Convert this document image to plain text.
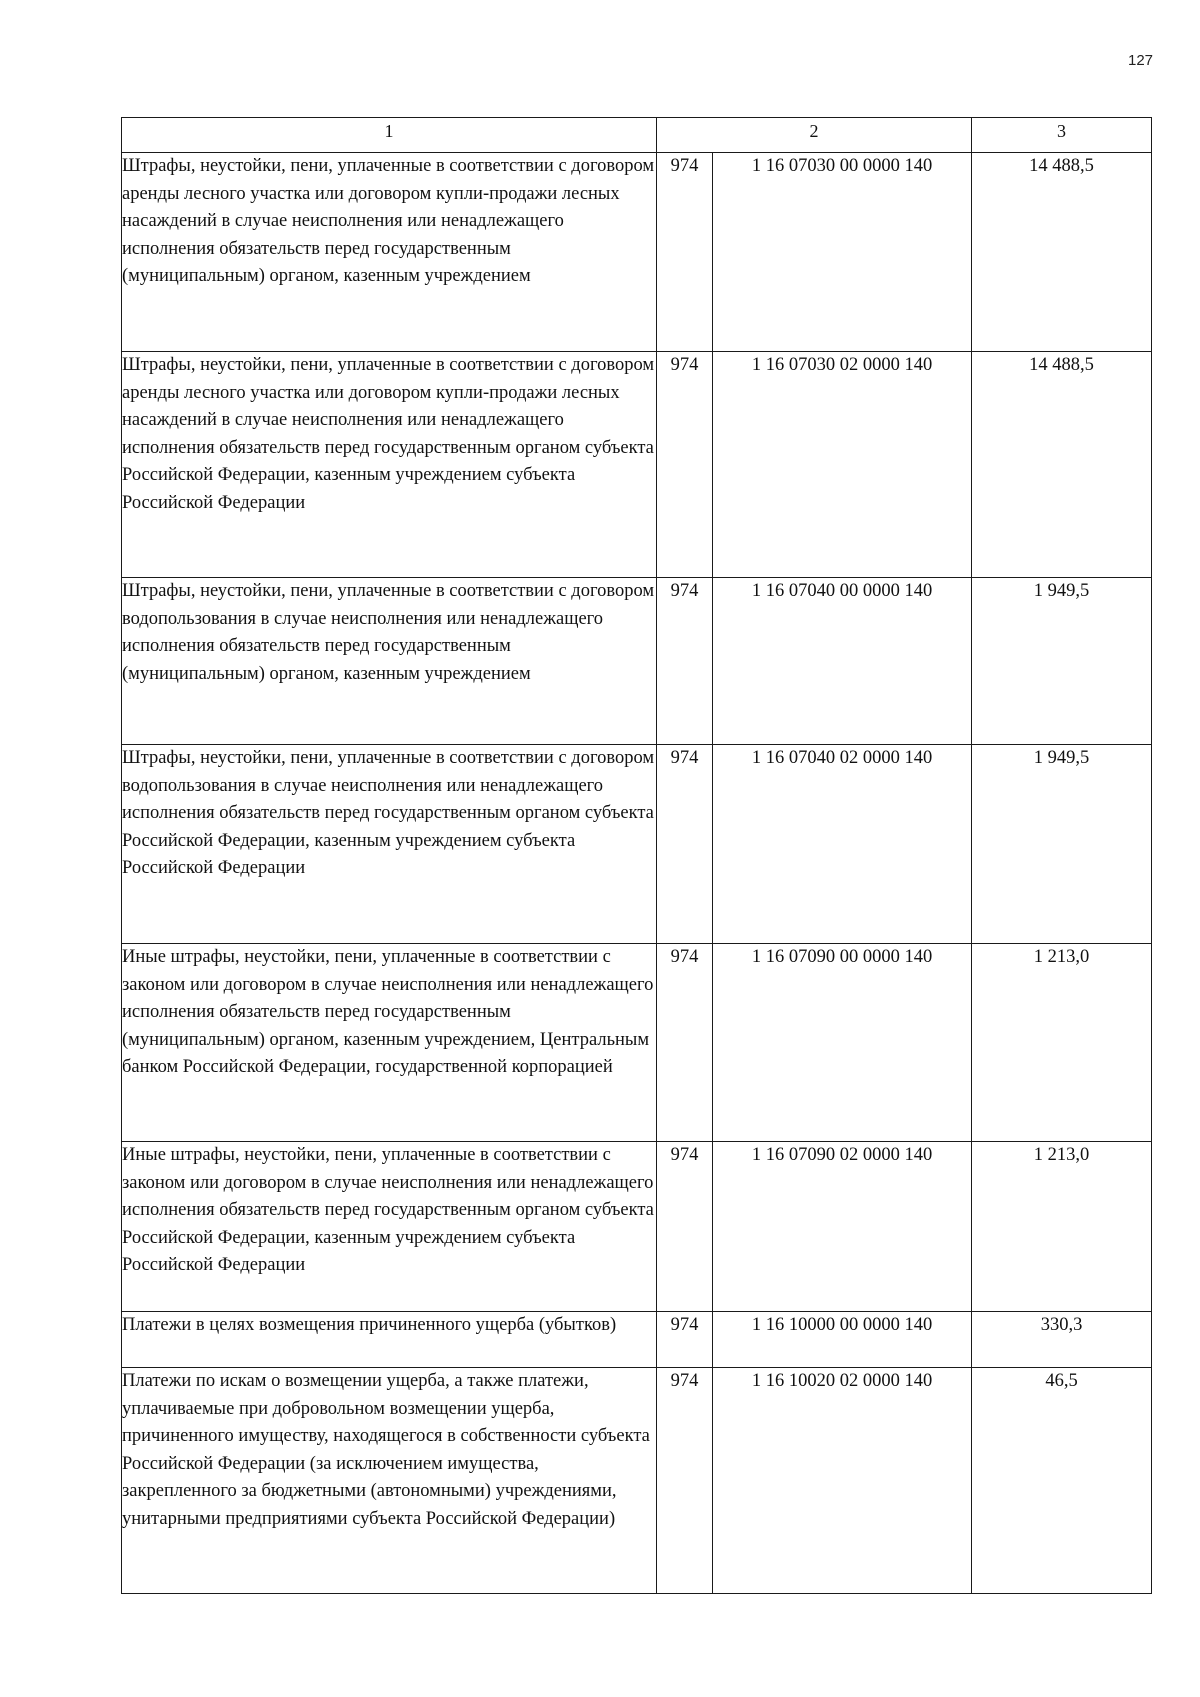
127
1	2		3
Штрафы, неустойки, пени, уплаченные в соответствии с договором аренды лесного участка или договором купли-продажи лесных насаждений в случае неисполнения или ненадлежащего исполнения обязательств перед государственным (муниципальным) органом, казенным учреждением	974	1 16 07030 00 0000 140	14 488,5
Штрафы, неустойки, пени, уплаченные в соответствии с договором аренды лесного участка или договором купли-продажи лесных насаждений в случае неисполнения или ненадлежащего исполнения обязательств перед государственным органом субъекта Российской Федерации, казенным учреждением субъекта Российской Федерации	974	1 16 07030 02 0000 140	14 488,5
Штрафы, неустойки, пени, уплаченные в соответствии с договором водопользования в случае неисполнения или ненадлежащего исполнения обязательств перед государственным (муниципальным) органом, казенным учреждением	974	1 16 07040 00 0000 140	1 949,5
Штрафы, неустойки, пени, уплаченные в соответствии с договором водопользования в случае неисполнения или ненадлежащего исполнения обязательств перед государственным органом субъекта Российской Федерации, казенным учреждением субъекта Российской Федерации	974	1 16 07040 02 0000 140	1 949,5
Иные штрафы, неустойки, пени, уплаченные в соответствии с законом или договором в случае неисполнения или ненадлежащего исполнения обязательств перед государственным (муниципальным) органом, казенным учреждением, Центральным банком Российской Федерации, государственной корпорацией	974	1 16 07090 00 0000 140	1 213,0
Иные штрафы, неустойки, пени, уплаченные в соответствии с законом или договором в случае неисполнения или ненадлежащего исполнения обязательств перед государственным органом субъекта Российской Федерации, казенным учреждением субъекта Российской Федерации	974	1 16 07090 02 0000 140	1 213,0
Платежи в целях возмещения причиненного ущерба (убытков)	974	1 16 10000 00 0000 140	330,3
Платежи по искам о возмещении ущерба, а также платежи, уплачиваемые при добровольном возмещении ущерба, причиненного имуществу, находящегося в собственности субъекта Российской Федерации (за исключением имущества, закрепленного за бюджетными (автономными) учреждениями, унитарными предприятиями субъекта Российской Федерации)	974	1 16 10020 02 0000 140	46,5
